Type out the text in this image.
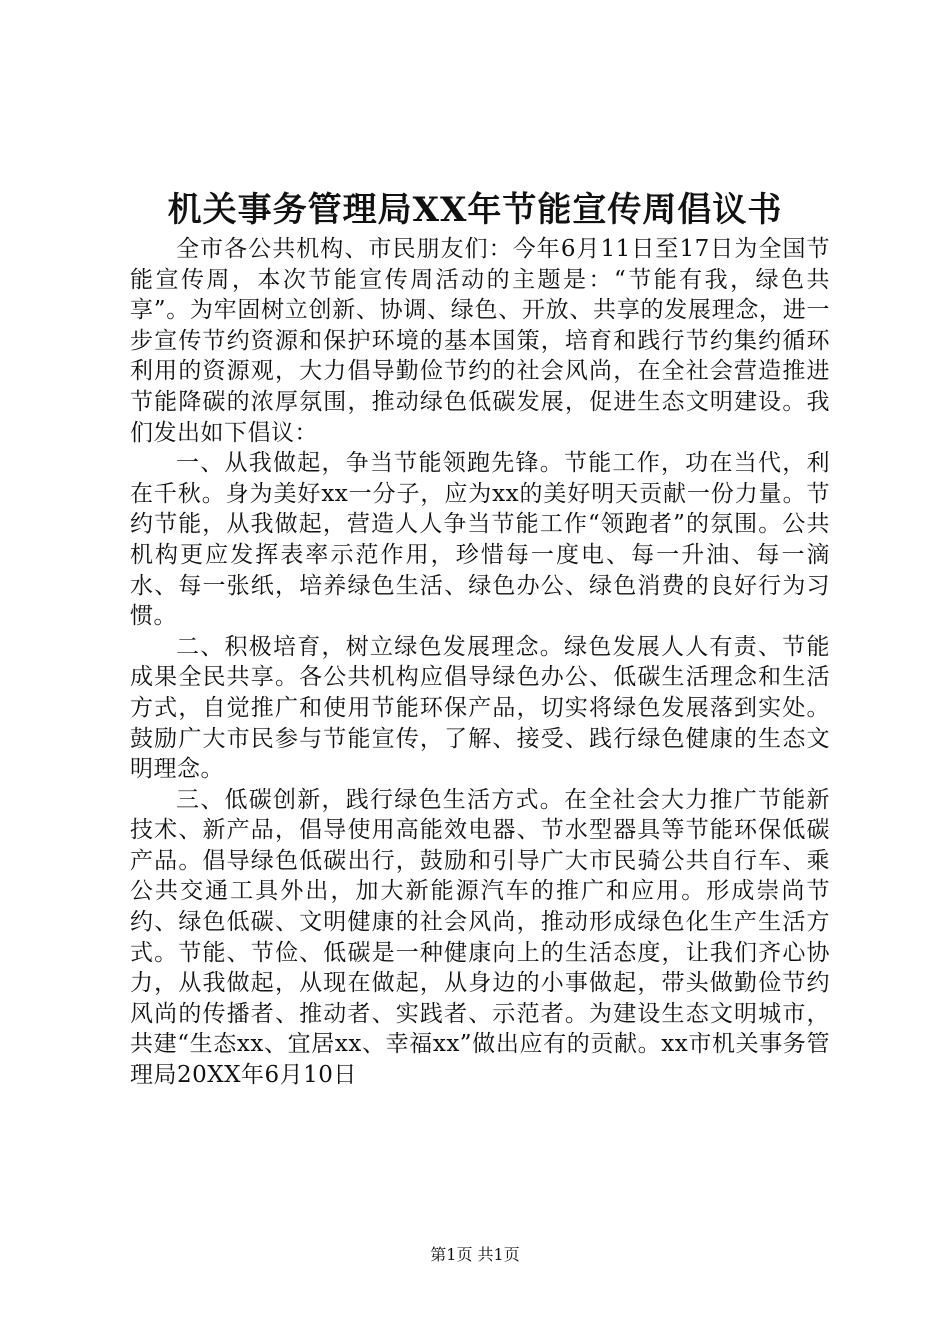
机关事务管理局XX年节能宣传周倡议书

全市各公共机构、市民朋友们：今年6月11日至17日为全国节能宣传周，本次节能宣传周活动的主题是：“节能有我，绿色共享”。为牢固树立创新、协调、绿色、开放、共享的发展理念，进一步宣传节约资源和保护环境的基本国策，培育和践行节约集约循环利用的资源观，大力倡导勤俭节约的社会风尚，在全社会营造推进节能降碳的浓厚氛围，推动绿色低碳发展，促进生态文明建设。我们发出如下倡议：

一、从我做起，争当节能领跑先锋。节能工作，功在当代，利在千秋。身为美好xx一分子，应为xx的美好明天贡献一份力量。节约节能，从我做起，营造人人争当节能工作“领跑者”的氛围。公共机构更应发挥表率示范作用，珍惜每一度电、每一升油、每一滴水、每一张纸，培养绿色生活、绿色办公、绿色消费的良好行为习惯。

二、积极培育，树立绿色发展理念。绿色发展人人有责、节能成果全民共享。各公共机构应倡导绿色办公、低碳生活理念和生活方式，自觉推广和使用节能环保产品，切实将绿色发展落到实处。鼓励广大市民参与节能宣传，了解、接受、践行绿色健康的生态文明理念。

三、低碳创新，践行绿色生活方式。在全社会大力推广节能新技术、新产品，倡导使用高能效电器、节水型器具等节能环保低碳产品。倡导绿色低碳出行，鼓励和引导广大市民骑公共自行车、乘公共交通工具外出，加大新能源汽车的推广和应用。形成崇尚节约、绿色低碳、文明健康的社会风尚，推动形成绿色化生产生活方式。节能、节俭、低碳是一种健康向上的生活态度，让我们齐心协力，从我做起，从现在做起，从身边的小事做起，带头做勤俭节约风尚的传播者、推动者、实践者、示范者。为建设生态文明城市，共建“生态xx、宜居xx、幸福xx”做出应有的贡献。xx市机关事务管理局20XX年6月10日

第1页 共1页
